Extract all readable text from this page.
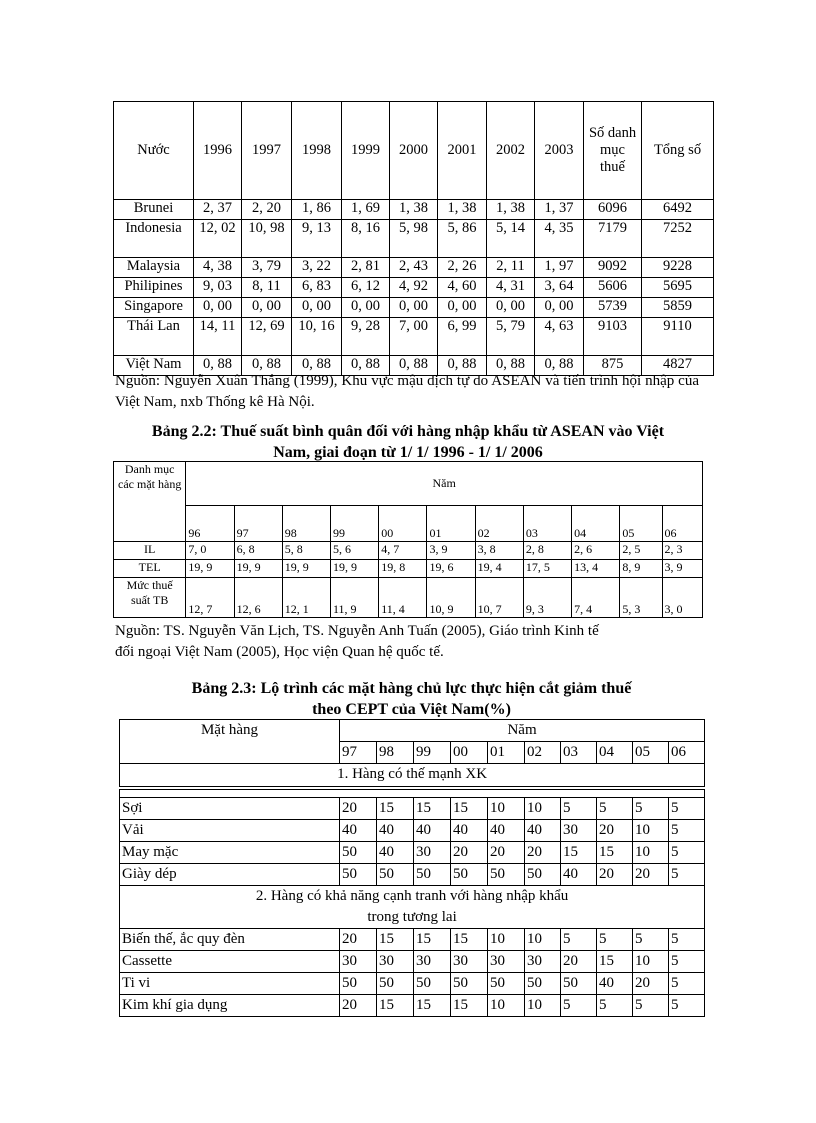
Nước	1996	1997	1998	1999	2000	2001	2002	2003	Số danh mục thuế	Tổng số
Brunei	2, 37	2, 20	1, 86	1, 69	1, 38	1, 38	1, 38	1, 37	6096	6492
Indonesia	12, 02	10, 98	9, 13	8, 16	5, 98	5, 86	5, 14	4, 35	7179	7252
Malaysia	4, 38	3, 79	3, 22	2, 81	2, 43	2, 26	2, 11	1, 97	9092	9228
Philipines	9, 03	8, 11	6, 83	6, 12	4, 92	4, 60	4, 31	3, 64	5606	5695
Singapore	0, 00	0, 00	0, 00	0, 00	0, 00	0, 00	0, 00	0, 00	5739	5859
Thái Lan	14, 11	12, 69	10, 16	9, 28	7, 00	6, 99	5, 79	4, 63	9103	9110
Việt Nam	0, 88	0, 88	0, 88	0, 88	0, 88	0, 88	0, 88	0, 88	875	4827

Nguồn: Nguyễn Xuân Thắng (1999), Khu vực mậu dịch tự do ASEAN và tiến trình hội nhập của Việt Nam, nxb Thống kê Hà Nội.

Bảng 2.2: Thuế suất bình quân đối với hàng nhập khẩu từ ASEAN vào Việt

Nam, giai đoạn từ 1/ 1/ 1996 - 1/ 1/ 2006

Danh mục các mặt hàng	Năm										
	96	97	98	99	00	01	02	03	04	05	06
IL	7, 0	6, 8	5, 8	5, 6	4, 7	3, 9	3, 8	2, 8	2, 6	2, 5	2, 3
TEL	19, 9	19, 9	19, 9	19, 9	19, 8	19, 6	19, 4	17, 5	13, 4	8, 9	3, 9
Mức thuế suất TB	12, 7	12, 6	12, 1	11, 9	11, 4	10, 9	10, 7	9, 3	7, 4	5, 3	3, 0

Nguồn: TS. Nguyễn Văn Lịch, TS. Nguyễn Anh Tuấn (2005), Giáo trình Kinh tế

đối ngoại Việt Nam (2005), Học viện Quan hệ quốc tế.

Bảng 2.3: Lộ trình các mặt hàng chủ lực thực hiện cắt giảm thuế

theo CEPT của Việt Nam(%)

Mặt hàng	Năm									
	97	98	99	00	01	02	03	04	05	06
1. Hàng có thế mạnh XK										

Sợi	20	15	15	15	10	10	5	5	5	5
Vải	40	40	40	40	40	40	30	20	10	5
May mặc	50	40	30	20	20	20	15	15	10	5
Giày dép	50	50	50	50	50	50	40	20	20	5

2. Hàng có khả năng cạnh tranh với hàng nhập khẩu
trong tương lai										

Biến thế, ắc quy đèn	20	15	15	15	10	10	5	5	5	5
Cassette	30	30	30	30	30	30	20	15	10	5
Ti vi	50	50	50	50	50	50	50	40	20	5
Kim khí gia dụng	20	15	15	15	10	10	5	5	5	5
